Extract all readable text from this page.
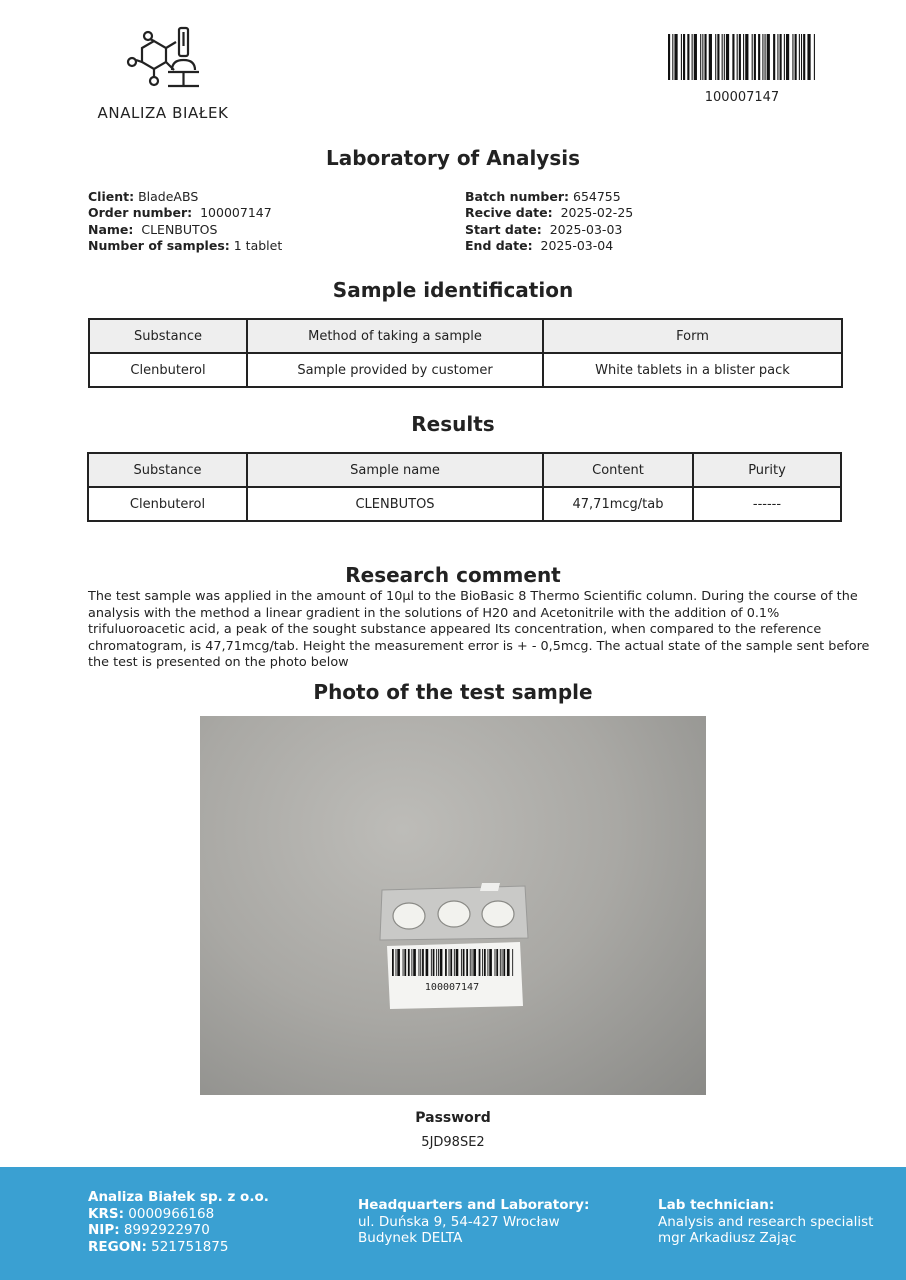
ANALIZA BIAŁEK
100007147
Laboratory of Analysis
Client: BladeABS
Order number: 100007147
Name: CLENBUTOS
Number of samples: 1 tablet
Batch number: 654755
Recive date: 2025-02-25
Start date: 2025-03-03
End date: 2025-03-04
Sample identification
Substance	Method of taking a sample	Form
Clenbuterol	Sample provided by customer	White tablets in a blister pack
Results
Substance	Sample name	Content	Purity
Clenbuterol	CLENBUTOS	47,71mcg/tab	------
Research comment
The test sample was applied in the amount of 10µl to the BioBasic 8 Thermo Scientific column. During the course of the analysis with the method a linear gradient in the solutions of H20 and Acetonitrile with the addition of 0.1% trifuluoroacetic acid, a peak of the sought substance appeared Its concentration, when compared to the reference chromatogram, is 47,71mcg/tab. Height the measurement error is + - 0,5mcg. The actual state of the sample sent before the test is presented on the photo below
Photo of the test sample
100007147
Password
5JD98SE2
Analiza Białek sp. z o.o.
KRS: 0000966168
NIP: 8992922970
REGON: 521751875
Headquarters and Laboratory:
ul. Duńska 9, 54-427 Wrocław
Budynek DELTA
Lab technician:
Analysis and research specialist
mgr Arkadiusz Zając
